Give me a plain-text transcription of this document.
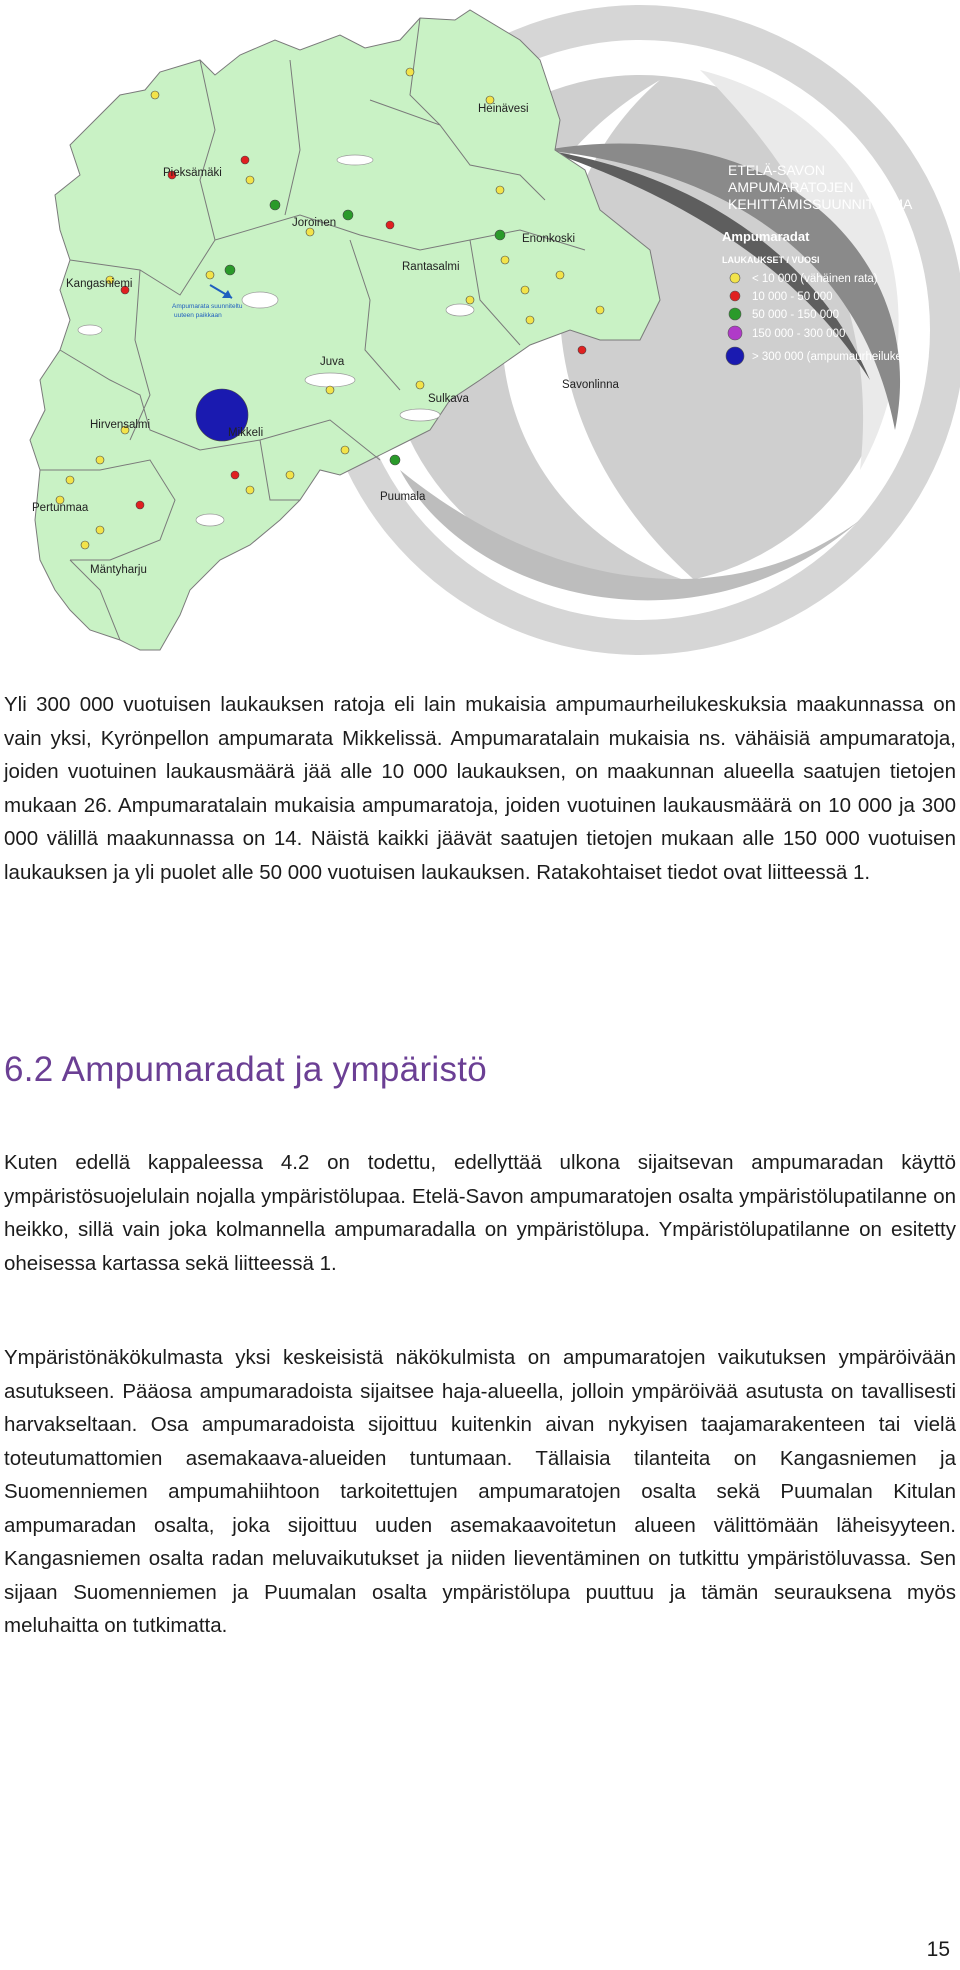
Ampumarata suunniteltu
uuteen paikkaan
Heinävesi
Pieksämäki
Joroinen
Enonkoski
Rantasalmi
Kangasniemi
Juva
Savonlinna
Sulkava
Hirvensalmi
Mikkeli
Pertunmaa
Puumala
Mäntyharju
ETELÄ-SAVON
AMPUMARATOJEN
KEHITTÄMISSUUNNITELMA
Ampumaradat
LAUKAUKSET / VUOSI
< 10 000 (vähäinen rata)
10 000 - 50 000
50 000 - 150 000
150 000 - 300 000
> 300 000 (ampumaurheilukeskus)

Yli 300 000 vuotuisen laukauksen ratoja eli lain mukaisia ampumaurheilukeskuksia maakunnassa on vain yksi, Kyrönpellon ampumarata Mikkelissä. Ampumaratalain mukaisia ns. vähäisiä ampumaratoja, joiden vuotuinen laukausmäärä jää alle 10 000 laukauksen, on maakunnan alueella saatujen tietojen mukaan 26. Ampumaratalain mukaisia ampumaratoja, joiden vuotuinen laukausmäärä on 10 000 ja 300 000 välillä maakunnassa on 14. Näistä kaikki jäävät saatujen tietojen mukaan alle 150 000 vuotuisen laukauksen ja yli puolet alle 50 000 vuotuisen laukauksen. Ratakohtaiset tiedot ovat liitteessä 1.

6.2 Ampumaradat ja ympäristö

Kuten edellä kappaleessa 4.2 on todettu, edellyttää ulkona sijaitsevan ampumaradan käyttö ympäristösuojelulain nojalla ympäristölupaa. Etelä-Savon ampumaratojen osalta ympäristölupatilanne on heikko, sillä vain joka kolmannella ampumaradalla on ympäristölupa. Ympäristölupatilanne on esitetty oheisessa kartassa sekä liitteessä 1.

Ympäristönäkökulmasta yksi keskeisistä näkökulmista on ampumaratojen vaikutuksen ympäröivään asutukseen. Pääosa ampumaradoista sijaitsee haja-alueella, jolloin ympäröivää asutusta on tavallisesti harvakseltaan. Osa ampumaradoista sijoittuu kuitenkin aivan nykyisen taajamarakenteen tai vielä toteutumattomien asemakaava-alueiden tuntumaan. Tällaisia tilanteita on Kangasniemen ja Suomenniemen ampumahiihtoon tarkoitettujen ampumaratojen osalta sekä Puumalan Kitulan ampumaradan osalta, joka sijoittuu uuden asemakaavoitetun alueen välittömään läheisyyteen. Kangasniemen osalta radan meluvaikutukset ja niiden lieventäminen on tutkittu ympäristöluvassa. Sen sijaan Suomenniemen ja Puumalan osalta ympäristölupa puuttuu ja tämän seurauksena myös meluhaitta on tutkimatta.

15
